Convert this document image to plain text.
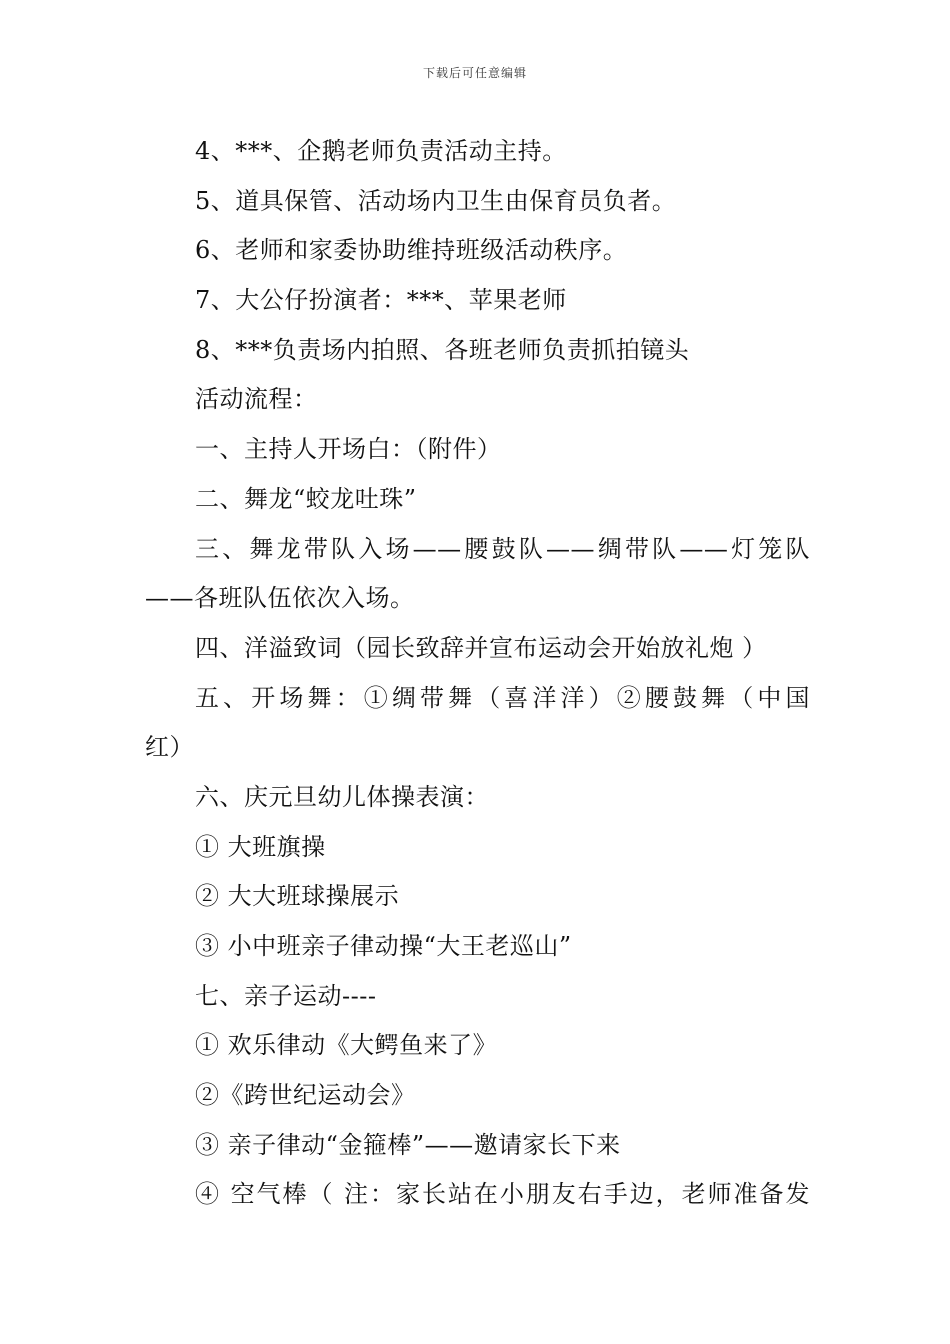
下载后可任意编辑
4、***、企鹅老师负责活动主持。
5、道具保管、活动场内卫生由保育员负者。
6、老师和家委协助维持班级活动秩序。
7、大公仔扮演者：***、苹果老师
8、***负责场内拍照、各班老师负责抓拍镜头
活动流程：
一、主持人开场白：（附件）
二、舞龙“蛟龙吐珠”
三、舞龙带队入场——腰鼓队——绸带队——灯笼队
——各班队伍依次入场。
四、洋溢致词（园长致辞并宣布运动会开始放礼炮 ）
五、开场舞：①绸带舞（喜洋洋）②腰鼓舞（中国
红）
六、庆元旦幼儿体操表演：
① 大班旗操
② 大大班球操展示
③ 小中班亲子律动操“大王老巡山”
七、亲子运动----
① 欢乐律动《大鳄鱼来了》
②《跨世纪运动会》
③ 亲子律动“金箍棒”——邀请家长下来
④ 空气棒（ 注：家长站在小朋友右手边，老师准备发
